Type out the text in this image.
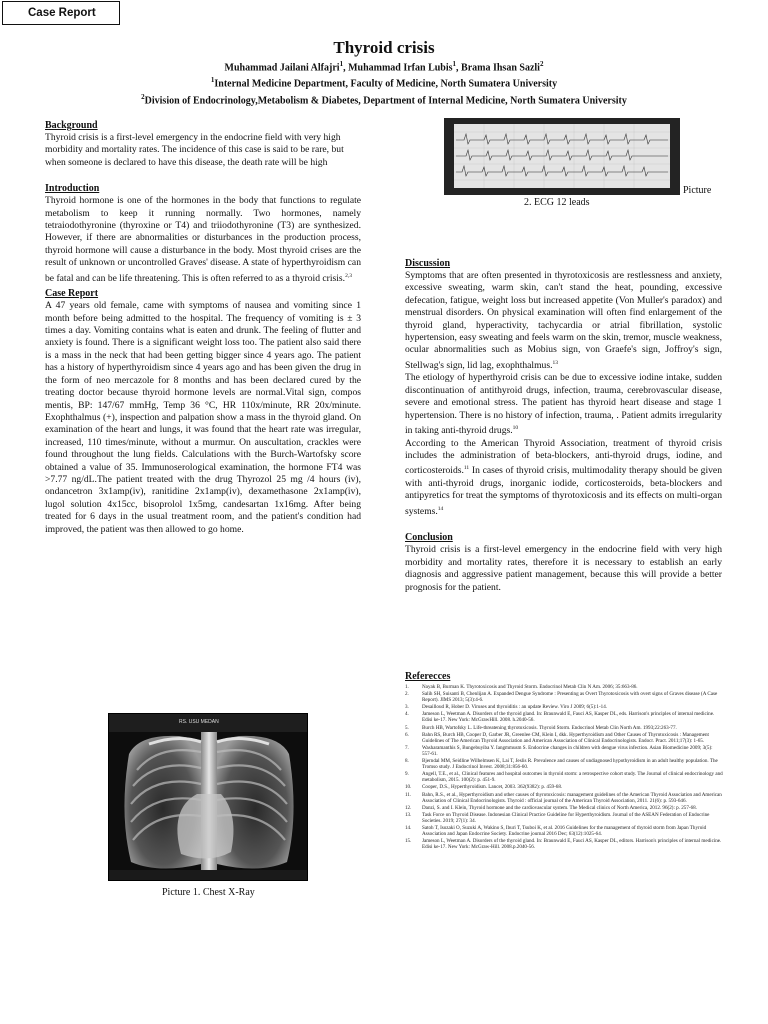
Case Report
Thyroid crisis
Muhammad Jailani Alfajri$^1$, Muhammad Irfan Lubis$^1$, Brama Ihsan Sazli$^2$
$^1$Internal Medicine Department, Faculty of Medicine, North Sumatera University
$^2$Division of Endocrinology,Metabolism & Diabetes, Department of Internal Medicine, North Sumatera University
Background
Thyroid crisis is a first-level emergency in the endocrine field with very high morbidity and mortality rates. The incidence of this case is said to be rare, but when someone is declared to have this disease, the death rate will be high
Introduction
Thyroid hormone is one of the hormones in the body that functions to regulate metabolism to keep it running normally. Two hormones, namely tetraiodothyronine (thyroxine or T4) and triiodothyronine (T3) are synthesized. However, if there are abnormalities or disturbances in the production process, thyroid hormone will cause a disturbance in the body. Most thyroid crises are the result of unknown or uncontrolled Graves' disease. A state of hyperthyroidism can be fatal and can be life threatening. This is often referred to as a thyroid crisis.$^{2,3}$
Case Report
A 47 years old female, came with symptoms of nausea and vomiting since 1 month before being admitted to the hospital. The frequency of vomiting is ± 3 times a day. Vomiting contains what is eaten and drunk. The feeling of flutter and anxiety is found. There is a significant weight loss too. The patient also said there is a mass in the neck that had been getting bigger since 4 years ago. The patient has a history of hyperthyroidism since 4 years ago and has been given the drug in the form of neo mercazole for 8 months and has been declared cured by the treating doctor because thyroid hormone levels are normal.Vital sign, compos mentis, BP: 147/67 mmHg, Temp 36 °C, HR 110x/minute, RR 20x/minute. Exophthalmus (+), inspection and palpation show a mass in the thyroid gland. On examination of the heart and lungs, it was found that the heart rate was irregular, increased, 110 times/minute, without a murmur. On auscultation, crackles were found throughout the lung fields. Calculations with the Burch-Wartofsky score obtained a value of 35. Immunoserological examination, the hormone FT4 was >7.77 ng/dL.The patient treated with the drug Thyrozol 25 mg /4 hours (iv), ondancetron 3x1amp(iv), ranitidine 2x1amp(iv), dexamethasone 2x1amp(iv), lugol solution 4x15cc, bisoprolol 1x5mg, candesartan 1x16mg. After being treated for 6 days in the usual treatment room, and the patient's condition had improved, the patient was then allowed to go home.
RS. USU MEDAN
Picture 1. Chest X-Ray
Picture
2. ECG 12 leads
Discussion
Symptoms that are often presented in thyrotoxicosis are restlessness and anxiety, excessive sweating, warm skin, can't stand the heat, pounding, excessive defecation, fatigue, weight loss but increased appetite (Von Muller's paradox) and menstrual disorders. On physical examination will often find enlargement of the thyroid gland, hyperactivity, tachycardia or atrial fibrillation, systolic hypertension, easy sweating and feels warm on the skin, tremor, muscle weakness, ocular abnormalities such as Mobius sign, von Graefe's sign, Joffroy's sign, Stellwag's sign, lid lag, exophthalmus.$^{13}$
The etiology of hyperthyroid crisis can be due to excessive iodine intake, sudden discontinuation of antithyroid drugs, infection, trauma, cerebrovascular disease, severe and emotional stress. The patient has thyroid heart disease and stage 1 hypertension. There is no history of infection, trauma, . Patient admits irregularity in taking anti-thyroid drugs.$^{10}$
According to the American Thyroid Association, treatment of thyroid crisis includes the administration of beta-blockers, anti-thyroid drugs, iodine, and corticosteroids.$^{11}$ In cases of thyroid crisis, multimodality therapy should be given with anti-thyroid drugs, inorganic iodide, corticosteroids, beta-blockers and antipyretics for treat the symptoms of thyrotoxicosis and its effects on multi-organ systems.$^{14}$
Conclusion
Thyroid crisis is a first-level emergency in the endocrine field with very high morbidity and mortality rates, therefore it is necessary to establish an early diagnosis and aggressive patient management, because this will provide a better prognosis for the patient.
Referecces
1.	Nayak B, Burman K. Thyrotoxicosis and Thyroid Storm. Endocrinol Metab Clin N Am. 2006; 35:663-86.
2.	Salih SH, Suisanti B, Chenlijan A. Expanded Dengue Syndrome : Presenting as Overt Thyrotoxicosis with overt signs of Graves disease (A Case Report). JIMS 2013; 5(3):4-6.
3.	Desailloud R, Hober D. Viruses and thyroiditis : an update Review. Viro J 2009; 6(5):1-14.
4.	Jameson L, Weetman A. Disorders of the thyroid gland. In: Braunwald E, Fauci AS, Kasper DL, eds. Harrison's principles of internal medicine. Edisi ke-17. New York: McGrawHill. 2008. h.2040-56.
5.	Burch HB, Wartofsky L. Life-threatening thyrotoxicosis. Thyroid Storm. Endocrinol Metab Clin North Am. 1993;22:263-77.
6.	Bahn RS, Burch HB, Cooper D, Garber JR, Greenlee CM, Klein I, dkk. Hyperthyroidism and Other Causes of Thyrotoxicosis : Management Guidelines of The American Thyroid Association and American Association of Clinical Endocrinologists. Endocr. Pract. 2011;17(3): 1-65.
7.	Washaramanthis S, Bungebuyiba Y. Iangmmusm S. Endocrine changes in children with dengue virus infection. Asian Biomedicine 2009; 3(5): 557-61.
8.	Bjerndal MM, Seidline Wilhelmsen K, Lai T, Jeslis R. Prevalence and causes of undiagnosed hypothyroidism in an adult healthy population. The Tromso study. J Endocrinol Invest. 2008;31:856-60.
9.	Angell, T.E., et al., Clinical features and hospital outcomes in thyroid storm: a retrospective cohort study. The Journal of clinical endocrinology and metabolism, 2015. 100(2): p. 451-9.
10.	Cooper, D.S., Hyperthyroidism. Lancet, 2003. 362(9382): p. 459-68.
11.	Bahn, R.S., et al., Hyperthyroidism and other causes of thyrotoxicosis: management guidelines of the American Thyroid Association and American Association of Clinical Endocrinologists. Thyroid : official journal of the American Thyroid Association, 2011. 21(6): p. 593-646.
12.	Danzi, S. and I. Klein, Thyroid hormone and the cardiovascular system. The Medical clinics of North America, 2012. 96(2): p. 257-68.
13.	Task Force on Thyroid Disease. Indonesian Clinical Practice Guideline for Hyperthyroidism. Journal of the ASEAN Federation of Endocrine Societies. 2019; 27(1): 34.
14.	Satoh T, Isozaki O, Suzuki A, Wakino S, Iburi T, Tsuboi K, et al. 2016 Guidelines for the management of thyroid storm from Japan Thyroid Association and Japan Endocrine Society. Endocrine journal 2016 Dec; 63(12):1025-64.
15.	Jameson L, Weetman A. Disorders of the thyroid gland. In: Braunwald E, Fauci AS, Kasper DL, editors. Harrison's principles of internal medicine. Edisi ke-17. New York: McGraw-Hill. 2008.p.2040-56.
